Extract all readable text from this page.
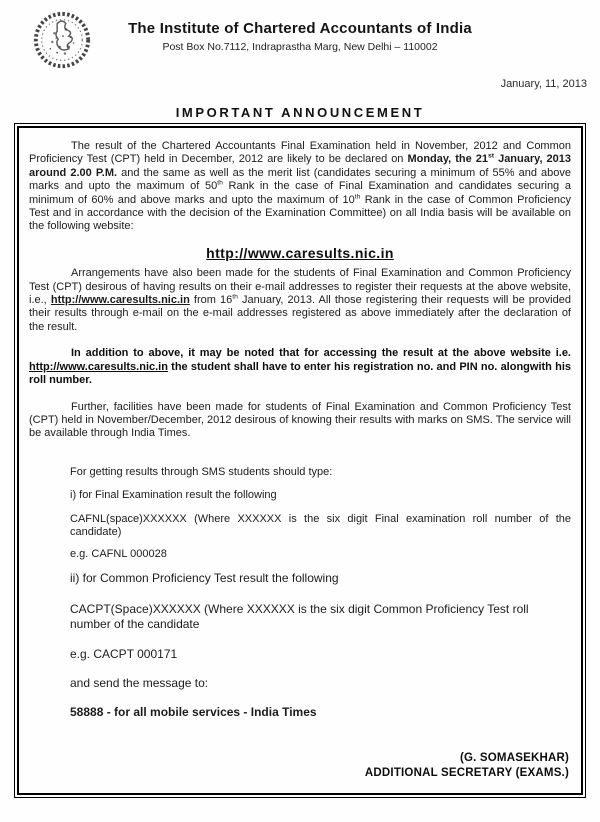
The Institute of Chartered Accountants of India
Post Box No.7112, Indraprastha Marg, New Delhi – 110002
January, 11, 2013
IMPORTANT ANNOUNCEMENT

The result of the Chartered Accountants Final Examination held in November, 2012 and Common Proficiency Test (CPT) held in December, 2012 are likely to be declared on Monday, the 21st January, 2013 around 2.00 P.M. and the same as well as the merit list (candidates securing a minimum of 55% and above marks and upto the maximum of 50th Rank in the case of Final Examination and candidates securing a minimum of 60% and above marks and upto the maximum of 10th Rank in the case of Common Proficiency Test and in accordance with the decision of the Examination Committee) on all India basis will be available on the following website:

http://www.caresults.nic.in

Arrangements have also been made for the students of Final Examination and Common Proficiency Test (CPT) desirous of having results on their e-mail addresses to register their requests at the above website, i.e., http://www.caresults.nic.in from 16th January, 2013. All those registering their requests will be provided their results through e-mail on the e-mail addresses registered as above immediately after the declaration of the result.

In addition to above, it may be noted that for accessing the result at the above website i.e. http://www.caresults.nic.in the student shall have to enter his registration no. and PIN no. alongwith his roll number.

Further, facilities have been made for students of Final Examination and Common Proficiency Test (CPT) held in November/December, 2012 desirous of knowing their results with marks on SMS. The service will be available through India Times.

For getting results through SMS students should type:

i) for Final Examination result the following

CAFNL(space)XXXXXX (Where XXXXXX is the six digit Final examination roll number of the candidate)

e.g. CAFNL 000028

ii) for Common Proficiency Test result the following

CACPT(Space)XXXXXX (Where XXXXXX is the six digit Common Proficiency Test roll number of the candidate

e.g. CACPT 000171

and send the message to:

58888 - for all mobile services - India Times

(G. SOMASEKHAR)
ADDITIONAL SECRETARY (EXAMS.)
